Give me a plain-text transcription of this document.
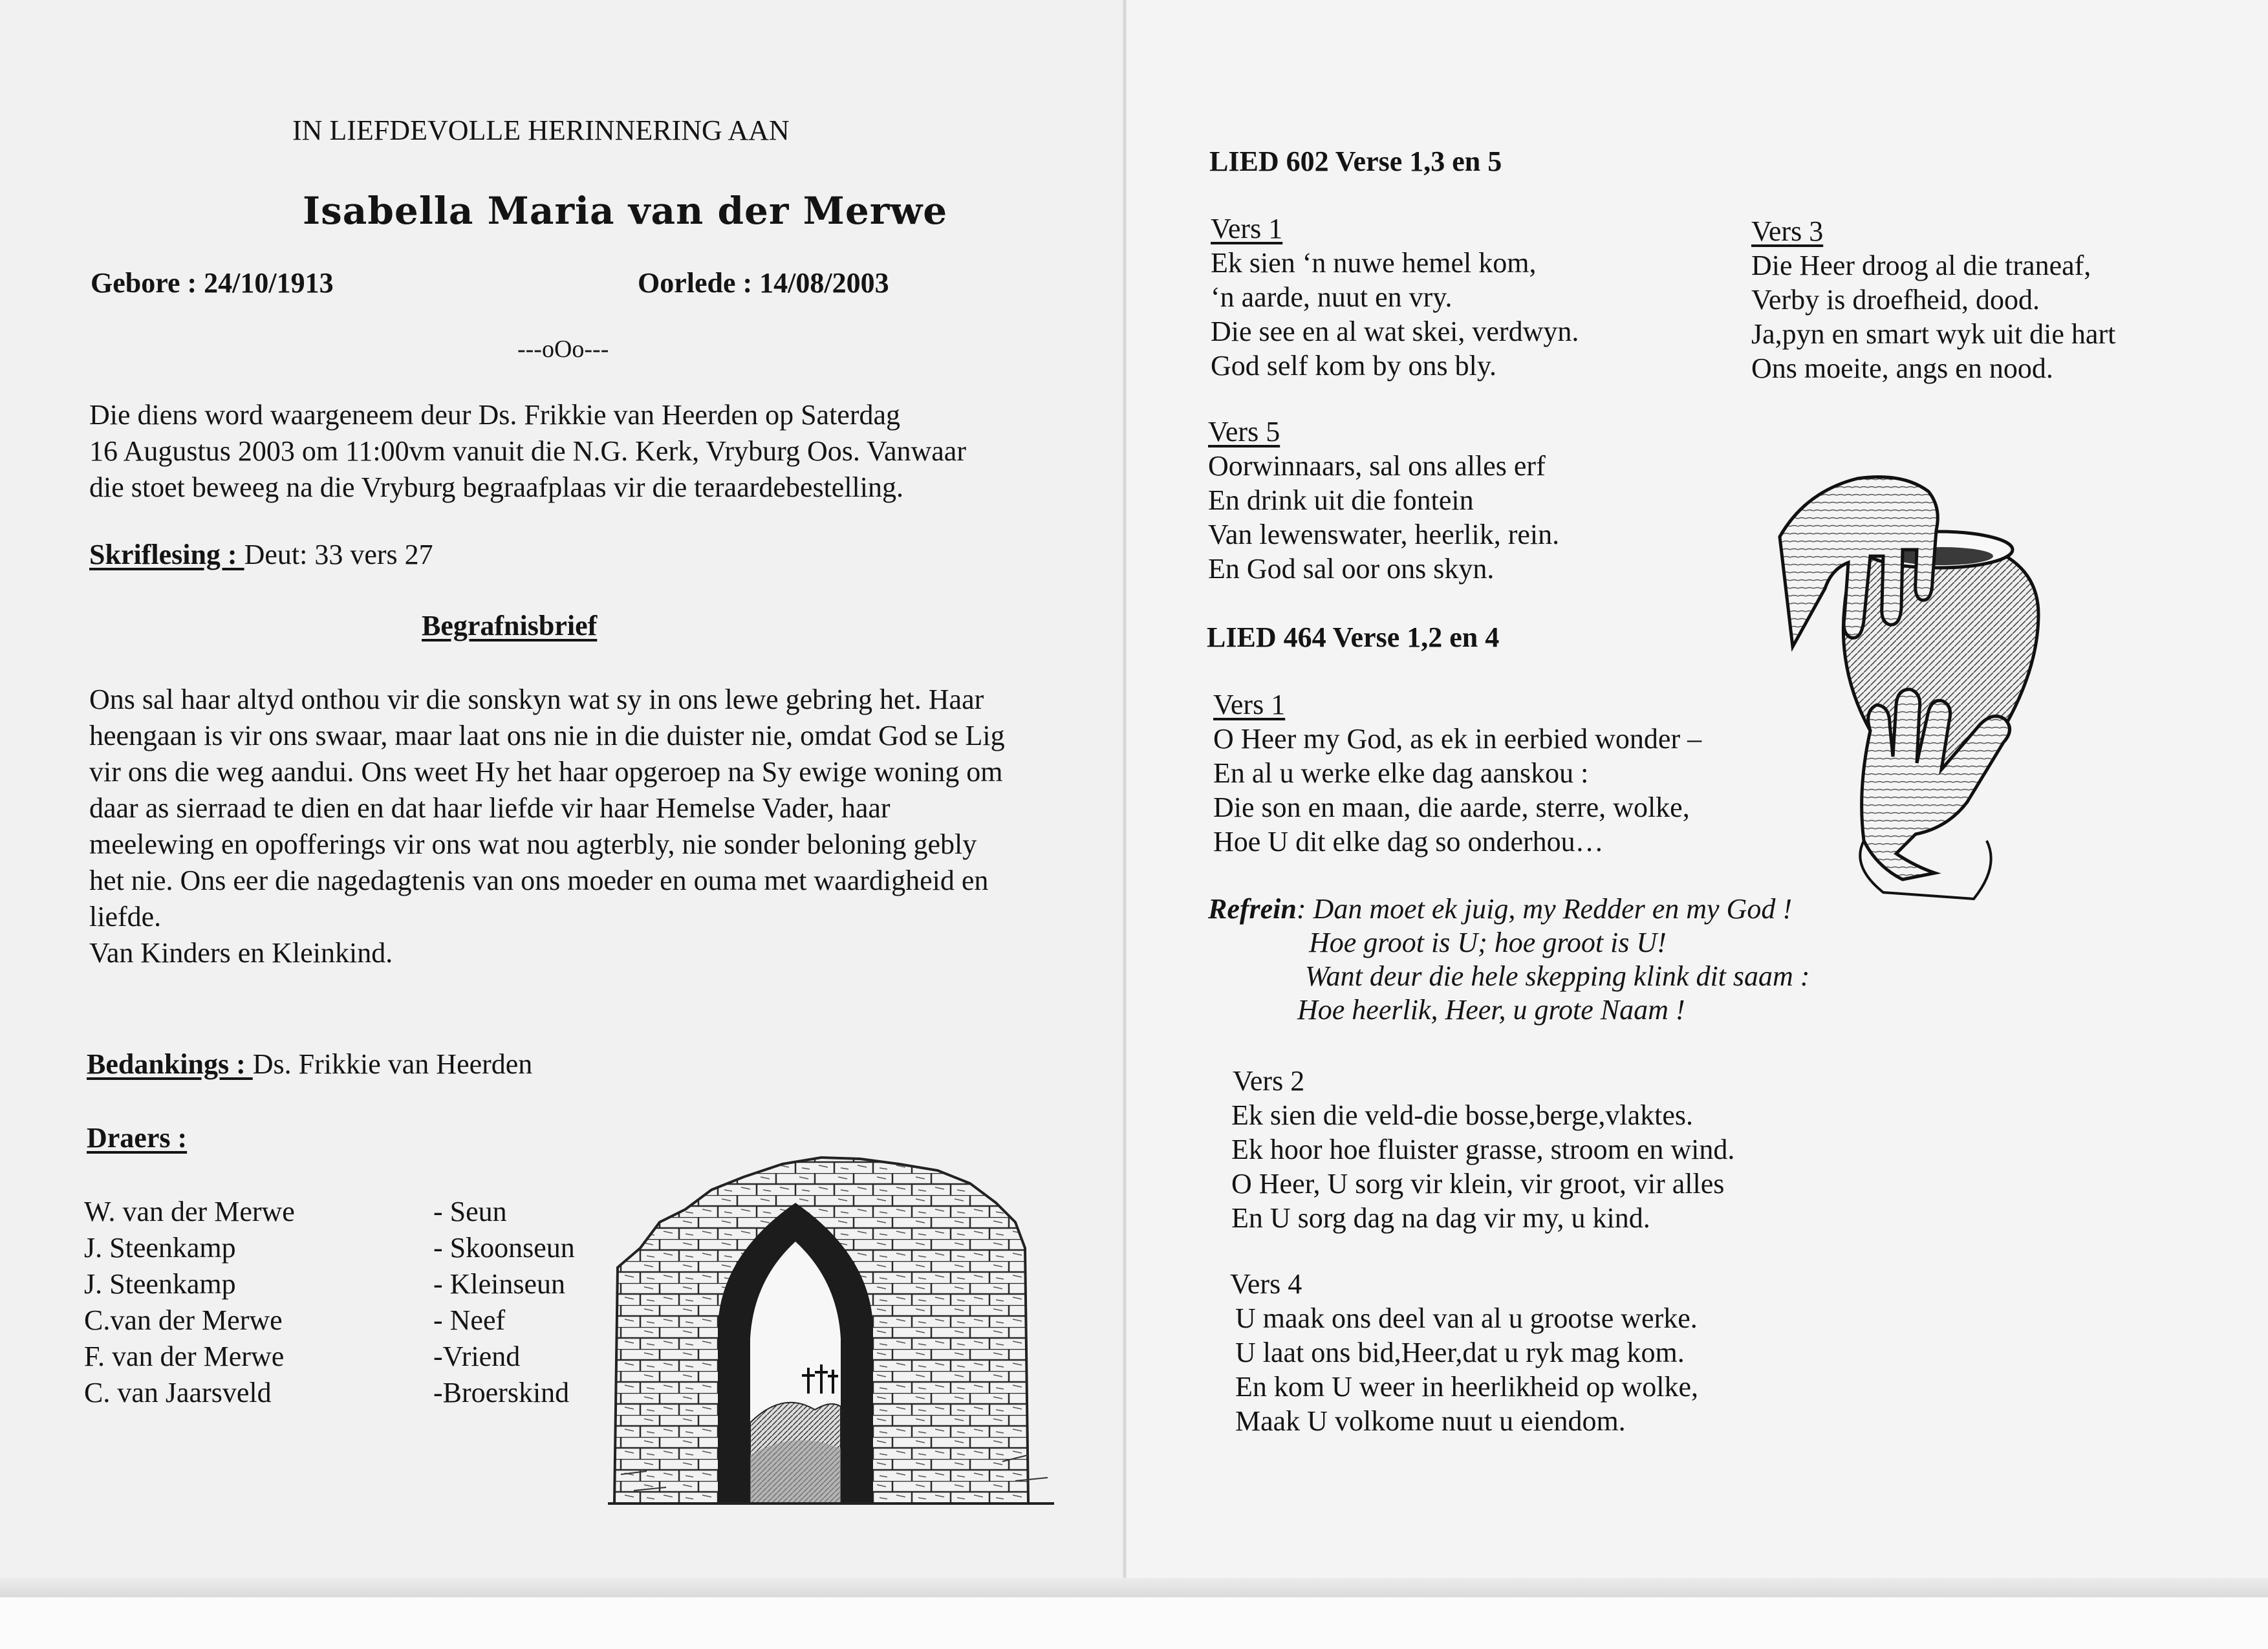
IN LIEFDEVOLLE HERINNERING AAN
Isabella Maria van der Merwe
Gebore : 24/10/1913	Oorlede : 14/08/2003
---oOo---
Die diens word waargeneem deur Ds. Frikkie van Heerden op Saterdag
16 Augustus 2003 om 11:00vm vanuit die N.G. Kerk, Vryburg Oos. Vanwaar
die stoet beweeg na die Vryburg begraafplaas vir die teraardebestelling.
Skriflesing : Deut: 33 vers 27
Begrafnisbrief
Ons sal haar altyd onthou vir die sonskyn wat sy in ons lewe gebring het. Haar
heengaan is vir ons swaar, maar laat ons nie in die duister nie, omdat God se Lig
vir ons die weg aandui. Ons weet Hy het haar opgeroep na Sy ewige woning om
daar as sierraad te dien en dat haar liefde vir haar Hemelse Vader, haar
meelewing en opofferings vir ons wat nou agterbly, nie sonder beloning gebly
het nie. Ons eer die nagedagtenis van ons moeder en ouma met waardigheid en
liefde.
Van Kinders en Kleinkind.
Bedankings : Ds. Frikkie van Heerden
Draers :
W. van der Merwe
J. Steenkamp
J. Steenkamp
C.van der Merwe
F. van der Merwe
C. van Jaarsveld
- Seun
- Skoonseun
- Kleinseun
- Neef
-Vriend
-Broerskind
LIED 602 Verse 1,3 en 5
Vers 1
Ek sien ‘n nuwe hemel kom,
‘n aarde, nuut en vry.
Die see en al wat skei, verdwyn.
God self kom by ons bly.
Vers 3
Die Heer droog al die traneaf,
Verby is droefheid, dood.
Ja,pyn en smart wyk uit die hart
Ons moeite, angs en nood.
Vers 5
Oorwinnaars, sal ons alles erf
En drink uit die fontein
Van lewenswater, heerlik, rein.
En God sal oor ons skyn.
LIED 464 Verse 1,2 en 4
Vers 1
O Heer my God, as ek in eerbied wonder –
En al u werke elke dag aanskou :
Die son en maan, die aarde, sterre, wolke,
Hoe U dit elke dag so onderhou…
Refrein: Dan moet ek juig, my Redder en my God !
Hoe groot is U; hoe groot is U!
Want deur die hele skepping klink dit saam :
Hoe heerlik, Heer, u grote Naam !
Vers 2
Ek sien die veld-die bosse,berge,vlaktes.
Ek hoor hoe fluister grasse, stroom en wind.
O Heer, U sorg vir klein, vir groot, vir alles
En U sorg dag na dag vir my, u kind.
Vers 4
U maak ons deel van al u grootse werke.
U laat ons bid,Heer,dat u ryk mag kom.
En kom U weer in heerlikheid op wolke,
Maak U volkome nuut u eiendom.
